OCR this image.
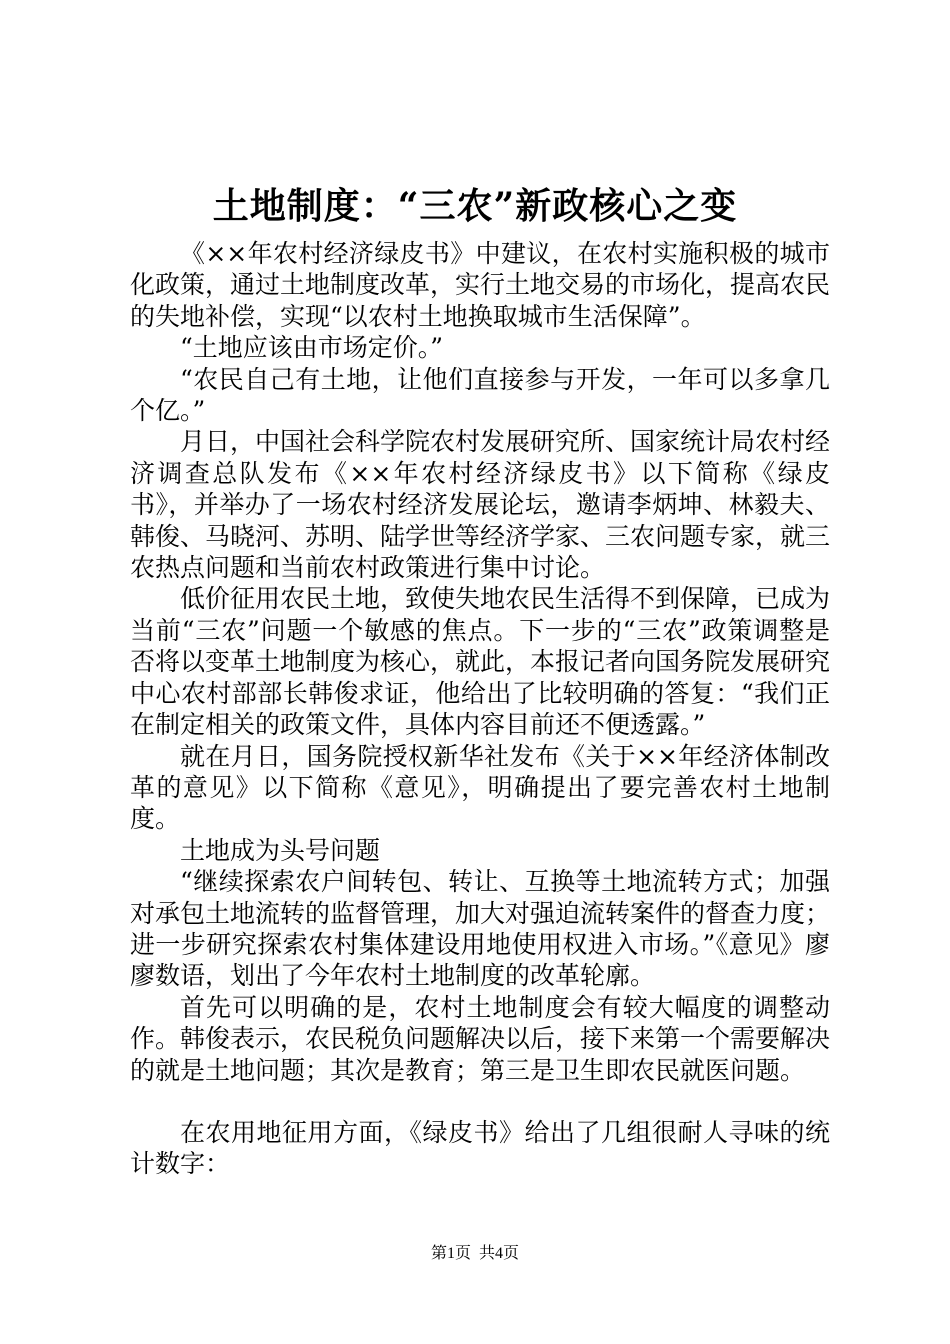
土地制度：“三农”新政核心之变

《××年农村经济绿皮书》中建议，在农村实施积极的城市化政策，通过土地制度改革，实行土地交易的市场化，提高农民的失地补偿，实现“以农村土地换取城市生活保障”。

“土地应该由市场定价。”

“农民自己有土地，让他们直接参与开发，一年可以多拿几个亿。”

月日，中国社会科学院农村发展研究所、国家统计局农村经济调查总队发布《××年农村经济绿皮书》以下简称《绿皮书》，并举办了一场农村经济发展论坛，邀请李炳坤、林毅夫、韩俊、马晓河、苏明、陆学世等经济学家、三农问题专家，就三农热点问题和当前农村政策进行集中讨论。

低价征用农民土地，致使失地农民生活得不到保障，已成为当前“三农”问题一个敏感的焦点。下一步的“三农”政策调整是否将以变革土地制度为核心，就此，本报记者向国务院发展研究中心农村部部长韩俊求证，他给出了比较明确的答复：“我们正在制定相关的政策文件，具体内容目前还不便透露。”

就在月日，国务院授权新华社发布《关于××年经济体制改革的意见》以下简称《意见》，明确提出了要完善农村土地制度。

土地成为头号问题

“继续探索农户间转包、转让、互换等土地流转方式；加强对承包土地流转的监督管理，加大对强迫流转案件的督查力度；进一步研究探索农村集体建设用地使用权进入市场。”《意见》廖廖数语，划出了今年农村土地制度的改革轮廓。

首先可以明确的是，农村土地制度会有较大幅度的调整动作。韩俊表示，农民税负问题解决以后，接下来第一个需要解决的就是土地问题；其次是教育；第三是卫生即农民就医问题。

在农用地征用方面，《绿皮书》给出了几组很耐人寻味的统计数字：

第1页 共4页
